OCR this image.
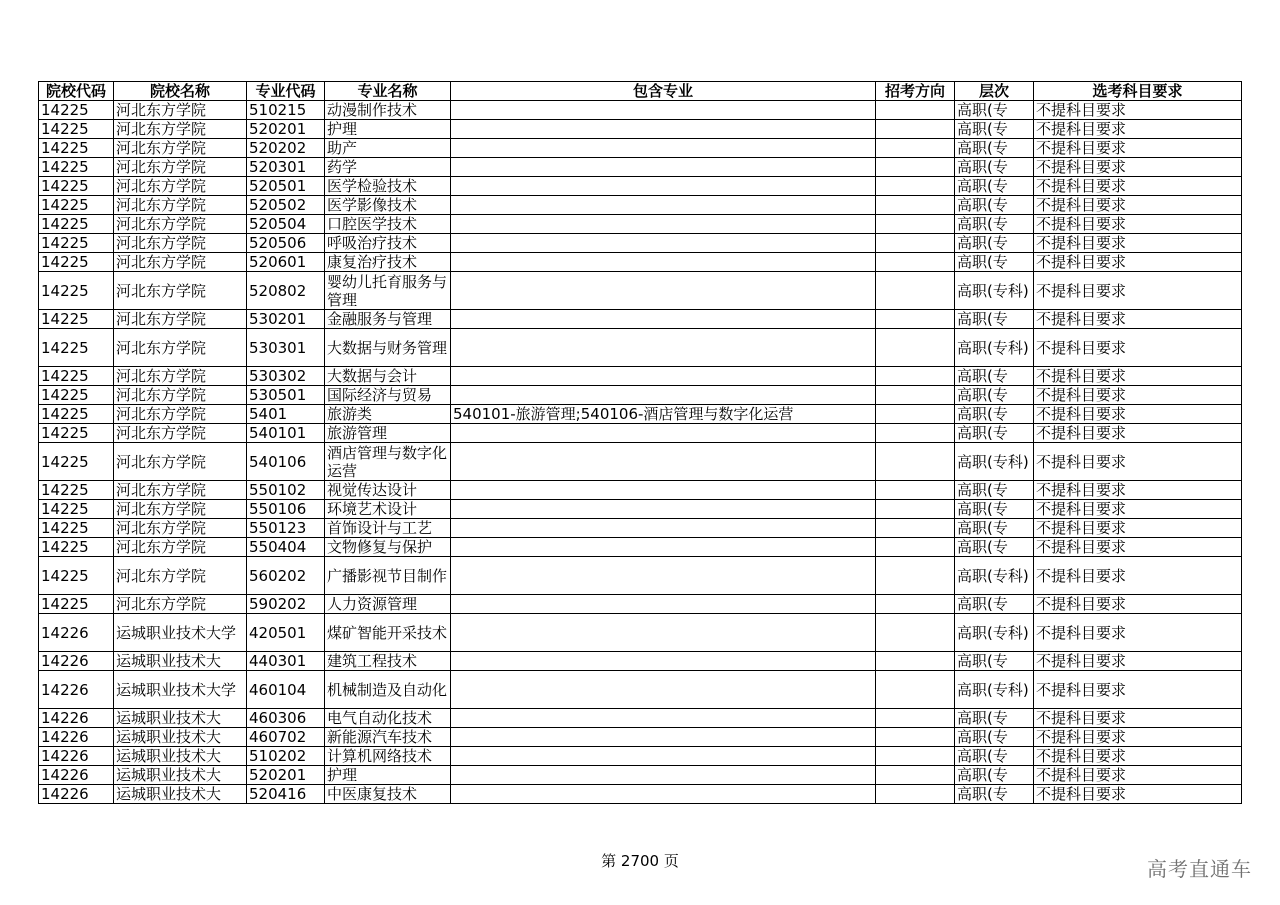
院校代码	院校名称	专业代码	专业名称	包含专业	招考方向	层次	选考科目要求
14225	河北东方学院	510215	动漫制作技术			高职(专	不提科目要求
14225	河北东方学院	520201	护理			高职(专	不提科目要求
14225	河北东方学院	520202	助产			高职(专	不提科目要求
14225	河北东方学院	520301	药学			高职(专	不提科目要求
14225	河北东方学院	520501	医学检验技术			高职(专	不提科目要求
14225	河北东方学院	520502	医学影像技术			高职(专	不提科目要求
14225	河北东方学院	520504	口腔医学技术			高职(专	不提科目要求
14225	河北东方学院	520506	呼吸治疗技术			高职(专	不提科目要求
14225	河北东方学院	520601	康复治疗技术			高职(专	不提科目要求
14225	河北东方学院	520802	婴幼儿托育服务与管理			高职(专科)	不提科目要求
14225	河北东方学院	530201	金融服务与管理			高职(专	不提科目要求
14225	河北东方学院	530301	大数据与财务管理			高职(专科)	不提科目要求
14225	河北东方学院	530302	大数据与会计			高职(专	不提科目要求
14225	河北东方学院	530501	国际经济与贸易			高职(专	不提科目要求
14225	河北东方学院	5401	旅游类	540101-旅游管理;540106-酒店管理与数字化运营		高职(专	不提科目要求
14225	河北东方学院	540101	旅游管理			高职(专	不提科目要求
14225	河北东方学院	540106	酒店管理与数字化运营			高职(专科)	不提科目要求
14225	河北东方学院	550102	视觉传达设计			高职(专	不提科目要求
14225	河北东方学院	550106	环境艺术设计			高职(专	不提科目要求
14225	河北东方学院	550123	首饰设计与工艺			高职(专	不提科目要求
14225	河北东方学院	550404	文物修复与保护			高职(专	不提科目要求
14225	河北东方学院	560202	广播影视节目制作			高职(专科)	不提科目要求
14225	河北东方学院	590202	人力资源管理			高职(专	不提科目要求
14226	运城职业技术大学	420501	煤矿智能开采技术			高职(专科)	不提科目要求
14226	运城职业技术大	440301	建筑工程技术			高职(专	不提科目要求
14226	运城职业技术大学	460104	机械制造及自动化			高职(专科)	不提科目要求
14226	运城职业技术大	460306	电气自动化技术			高职(专	不提科目要求
14226	运城职业技术大	460702	新能源汽车技术			高职(专	不提科目要求
14226	运城职业技术大	510202	计算机网络技术			高职(专	不提科目要求
14226	运城职业技术大	520201	护理			高职(专	不提科目要求
14226	运城职业技术大	520416	中医康复技术			高职(专	不提科目要求
第 2700 页	高考直通车
